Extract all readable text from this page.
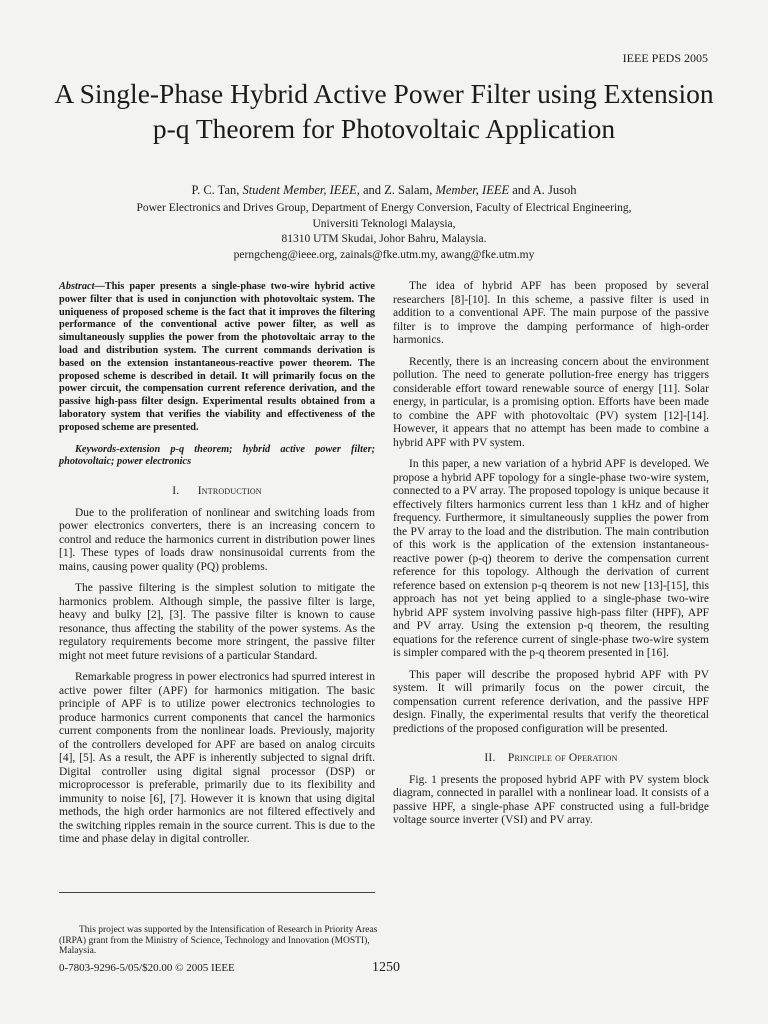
IEEE PEDS 2005
A Single-Phase Hybrid Active Power Filter using Extension p-q Theorem for Photovoltaic Application
P. C. Tan, Student Member, IEEE, and Z. Salam, Member, IEEE and A. Jusoh
Power Electronics and Drives Group, Department of Energy Conversion, Faculty of Electrical Engineering,
Universiti Teknologi Malaysia,
81310 UTM Skudai, Johor Bahru, Malaysia.
perngcheng@ieee.org, zainals@fke.utm.my, awang@fke.utm.my

Abstract—This paper presents a single-phase two-wire hybrid active power filter that is used in conjunction with photovoltaic system. The uniqueness of proposed scheme is the fact that it improves the filtering performance of the conventional active power filter, as well as simultaneously supplies the power from the photovoltaic array to the load and distribution system. The current commands derivation is based on the extension instantaneous-reactive power theorem. The proposed scheme is described in detail. It will primarily focus on the power circuit, the compensation current reference derivation, and the passive high-pass filter design. Experimental results obtained from a laboratory system that verifies the viability and effectiveness of the proposed scheme are presented.

Keywords-extension p-q theorem; hybrid active power filter; photovoltaic; power electronics

I. Introduction

Due to the proliferation of nonlinear and switching loads from power electronics converters, there is an increasing concern to control and reduce the harmonics current in distribution power lines [1]. These types of loads draw nonsinusoidal currents from the mains, causing power quality (PQ) problems.

The passive filtering is the simplest solution to mitigate the harmonics problem. Although simple, the passive filter is large, heavy and bulky [2], [3]. The passive filter is known to cause resonance, thus affecting the stability of the power systems. As the regulatory requirements become more stringent, the passive filter might not meet future revisions of a particular Standard.

Remarkable progress in power electronics had spurred interest in active power filter (APF) for harmonics mitigation. The basic principle of APF is to utilize power electronics technologies to produce harmonics current components that cancel the harmonics current components from the nonlinear loads. Previously, majority of the controllers developed for APF are based on analog circuits [4], [5]. As a result, the APF is inherently subjected to signal drift. Digital controller using digital signal processor (DSP) or microprocessor is preferable, primarily due to its flexibility and immunity to noise [6], [7]. However it is known that using digital methods, the high order harmonics are not filtered effectively and the switching ripples remain in the source current. This is due to the time and phase delay in digital controller.

The idea of hybrid APF has been proposed by several researchers [8]-[10]. In this scheme, a passive filter is used in addition to a conventional APF. The main purpose of the passive filter is to improve the damping performance of high-order harmonics.

Recently, there is an increasing concern about the environment pollution. The need to generate pollution-free energy has triggers considerable effort toward renewable source of energy [11]. Solar energy, in particular, is a promising option. Efforts have been made to combine the APF with photovoltaic (PV) system [12]-[14]. However, it appears that no attempt has been made to combine a hybrid APF with PV system.

In this paper, a new variation of a hybrid APF is developed. We propose a hybrid APF topology for a single-phase two-wire system, connected to a PV array. The proposed topology is unique because it effectively filters harmonics current less than 1 kHz and of higher frequency. Furthermore, it simultaneously supplies the power from the PV array to the load and the distribution. The main contribution of this work is the application of the extension instantaneous-reactive power (p-q) theorem to derive the compensation current reference for this topology. Although the derivation of current reference based on extension p-q theorem is not new [13]-[15], this approach has not yet being applied to a single-phase two-wire hybrid APF system involving passive high-pass filter (HPF), APF and PV array. Using the extension p-q theorem, the resulting equations for the reference current of single-phase two-wire system is simpler compared with the p-q theorem presented in [16].

This paper will describe the proposed hybrid APF with PV system. It will primarily focus on the power circuit, the compensation current reference derivation, and the passive HPF design. Finally, the experimental results that verify the theoretical predictions of the proposed configuration will be presented.

II. Principle of Operation

Fig. 1 presents the proposed hybrid APF with PV system block diagram, connected in parallel with a nonlinear load. It consists of a passive HPF, a single-phase APF constructed using a full-bridge voltage source inverter (VSI) and PV array.

This project was supported by the Intensification of Research in Priority Areas (IRPA) grant from the Ministry of Science, Technology and Innovation (MOSTI), Malaysia.
0-7803-9296-5/05/$20.00 © 2005 IEEE	1250
